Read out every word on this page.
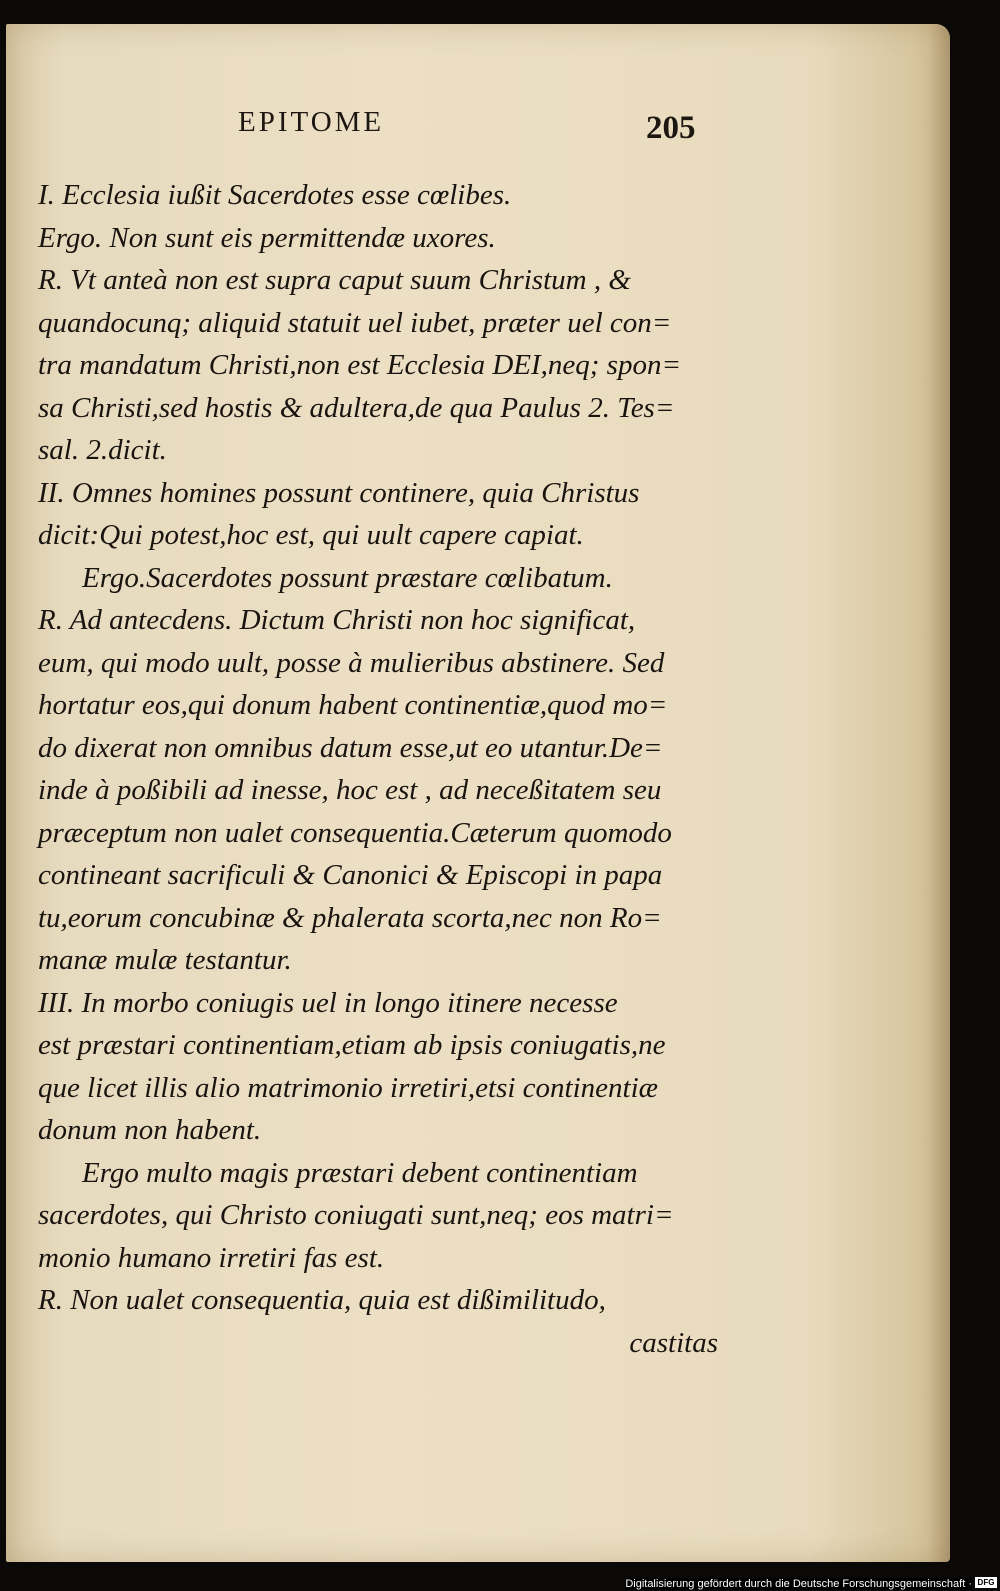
EPITOME	205
I. Ecclesia iußit Sacerdotes esse cœlibes.
Ergo. Non sunt eis permittendæ uxores.
R. Vt anteà non est supra caput suum Christum , &
quandocunq; aliquid statuit uel iubet, præter uel con=
tra mandatum Christi,non est Ecclesia DEI,neq; spon=
sa Christi,sed hostis & adultera,de qua Paulus 2. Tes=
sal. 2.dicit.
II. Omnes homines possunt continere, quia Christus
dicit:Qui potest,hoc est, qui uult capere capiat.
Ergo.Sacerdotes possunt præstare cœlibatum.
R. Ad antecdens. Dictum Christi non hoc significat,
eum, qui modo uult, posse à mulieribus abstinere. Sed
hortatur eos,qui donum habent continentiæ,quod mo=
do dixerat non omnibus datum esse,ut eo utantur.De=
inde à poßibili ad inesse, hoc est , ad neceßitatem seu
præceptum non ualet consequentia.Cæterum quomodo
contineant sacrificuli & Canonici & Episcopi in papa
tu,eorum concubinæ & phalerata scorta,nec non Ro=
manæ mulæ testantur.
III. In morbo coniugis uel in longo itinere necesse
est præstari continentiam,etiam ab ipsis coniugatis,ne
que licet illis alio matrimonio irretiri,etsi continentiæ
donum non habent.
Ergo multo magis præstari debent continentiam
sacerdotes, qui Christo coniugati sunt,neq; eos matri=
monio humano irretiri fas est.
R. Non ualet consequentia, quia est dißimilitudo,
castitas
Digitalisierung gefördert durch die Deutsche Forschungsgemeinschaft · DFG
